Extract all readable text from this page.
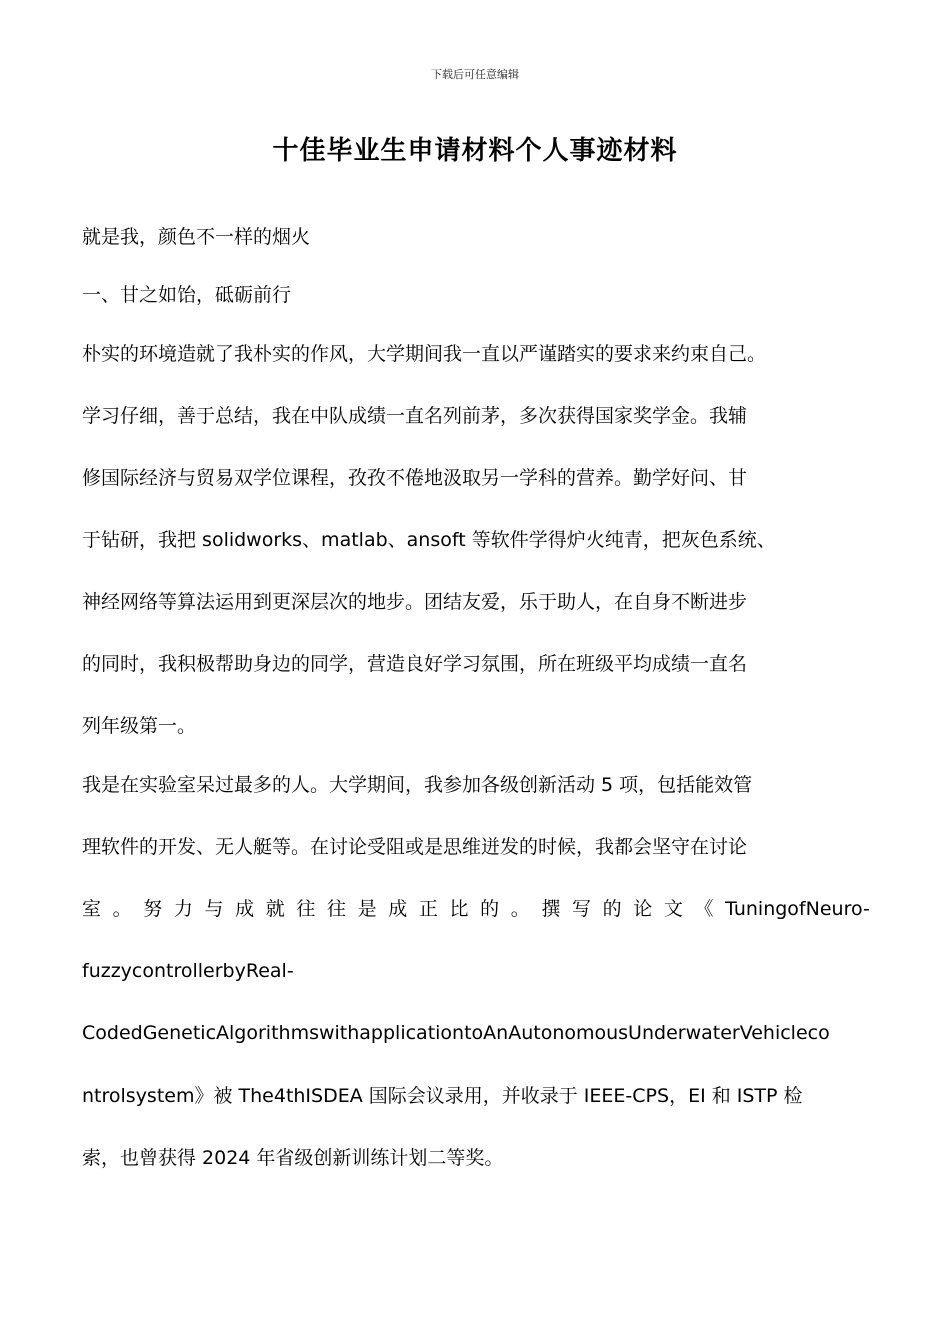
下载后可任意编辑
十佳毕业生申请材料个人事迹材料
就是我，颜色不一样的烟火
一、甘之如饴，砥砺前行
朴实的环境造就了我朴实的作风，大学期间我一直以严谨踏实的要求来约束自己。
学习仔细，善于总结，我在中队成绩一直名列前茅，多次获得国家奖学金。我辅
修国际经济与贸易双学位课程，孜孜不倦地汲取另一学科的营养。勤学好问、甘
于钻研，我把 solidworks、matlab、ansoft 等软件学得炉火纯青，把灰色系统、
神经网络等算法运用到更深层次的地步。团结友爱，乐于助人，在自身不断进步
的同时，我积极帮助身边的同学，营造良好学习氛围，所在班级平均成绩一直名
列年级第一。
我是在实验室呆过最多的人。大学期间，我参加各级创新活动 5 项，包括能效管
理软件的开发、无人艇等。在讨论受阻或是思维迸发的时候，我都会坚守在讨论
室 。 努 力 与 成 就 往 往 是 成 正 比 的 。 撰 写 的 论 文 《 TuningofNeuro-
fuzzycontrollerbyReal-
CodedGeneticAlgorithmswithapplicationtoAnAutonomousUnderwaterVehicleco
ntrolsystem》被 The4thISDEA 国际会议录用，并收录于 IEEE-CPS，EI 和 ISTP 检
索，也曾获得 2024 年省级创新训练计划二等奖。
